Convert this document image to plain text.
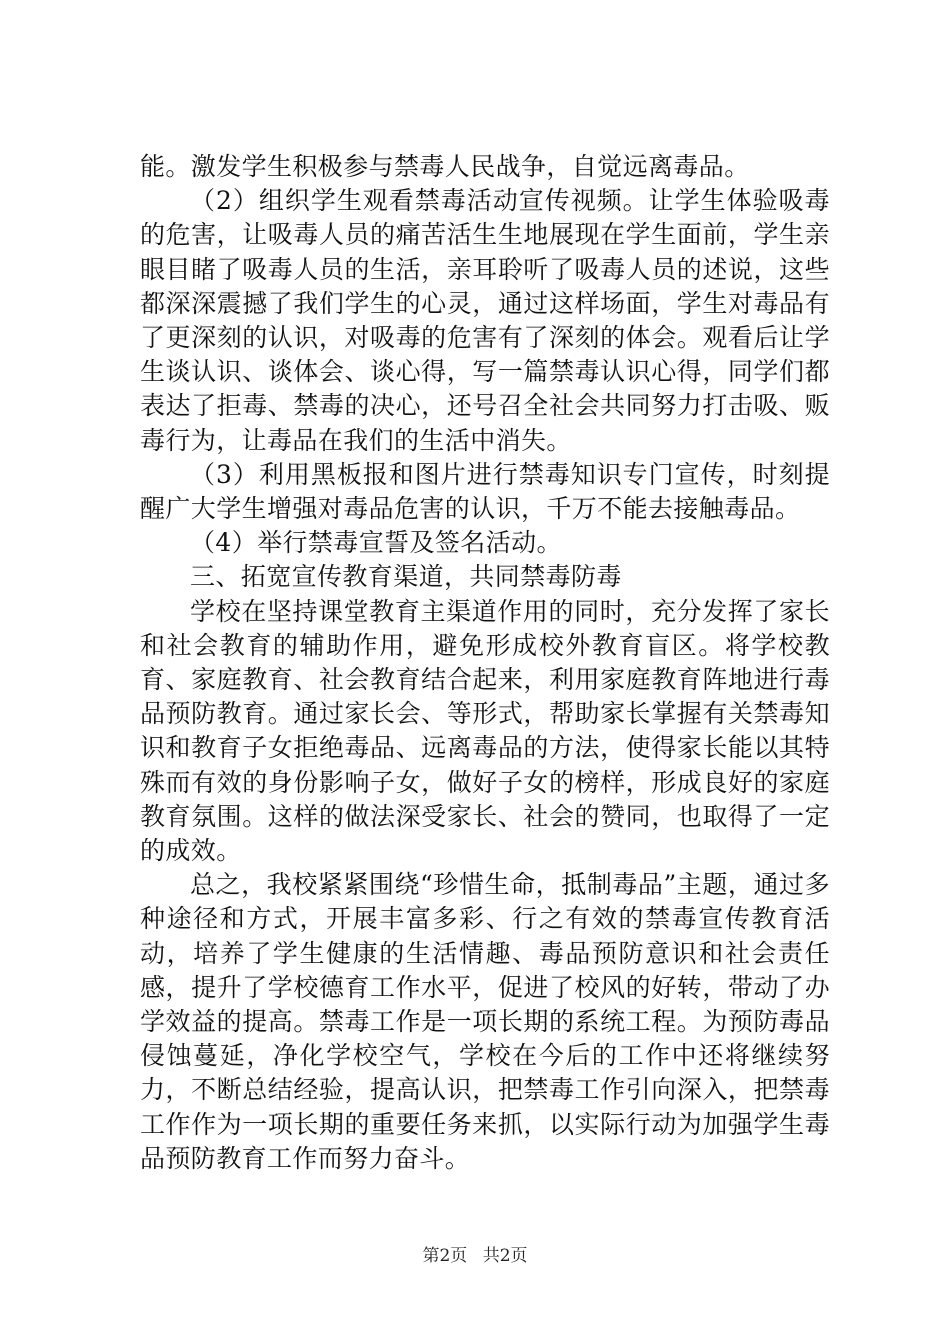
能。激发学生积极参与禁毒人民战争，自觉远离毒品。

（2）组织学生观看禁毒活动宣传视频。让学生体验吸毒的危害，让吸毒人员的痛苦活生生地展现在学生面前，学生亲眼目睹了吸毒人员的生活，亲耳聆听了吸毒人员的述说，这些都深深震撼了我们学生的心灵，通过这样场面，学生对毒品有了更深刻的认识，对吸毒的危害有了深刻的体会。观看后让学生谈认识、谈体会、谈心得，写一篇禁毒认识心得，同学们都表达了拒毒、禁毒的决心，还号召全社会共同努力打击吸、贩毒行为，让毒品在我们的生活中消失。

（3）利用黑板报和图片进行禁毒知识专门宣传，时刻提醒广大学生增强对毒品危害的认识，千万不能去接触毒品。

（4）举行禁毒宣誓及签名活动。

三、拓宽宣传教育渠道，共同禁毒防毒

学校在坚持课堂教育主渠道作用的同时，充分发挥了家长和社会教育的辅助作用，避免形成校外教育盲区。将学校教育、家庭教育、社会教育结合起来，利用家庭教育阵地进行毒品预防教育。通过家长会、等形式，帮助家长掌握有关禁毒知识和教育子女拒绝毒品、远离毒品的方法，使得家长能以其特殊而有效的身份影响子女，做好子女的榜样，形成良好的家庭教育氛围。这样的做法深受家长、社会的赞同，也取得了一定的成效。

总之，我校紧紧围绕“珍惜生命，抵制毒品”主题，通过多种途径和方式，开展丰富多彩、行之有效的禁毒宣传教育活动，培养了学生健康的生活情趣、毒品预防意识和社会责任感，提升了学校德育工作水平，促进了校风的好转，带动了办学效益的提高。禁毒工作是一项长期的系统工程。为预防毒品侵蚀蔓延，净化学校空气，学校在今后的工作中还将继续努力，不断总结经验，提高认识，把禁毒工作引向深入，把禁毒工作作为一项长期的重要任务来抓，以实际行动为加强学生毒品预防教育工作而努力奋斗。

第2页 共2页
